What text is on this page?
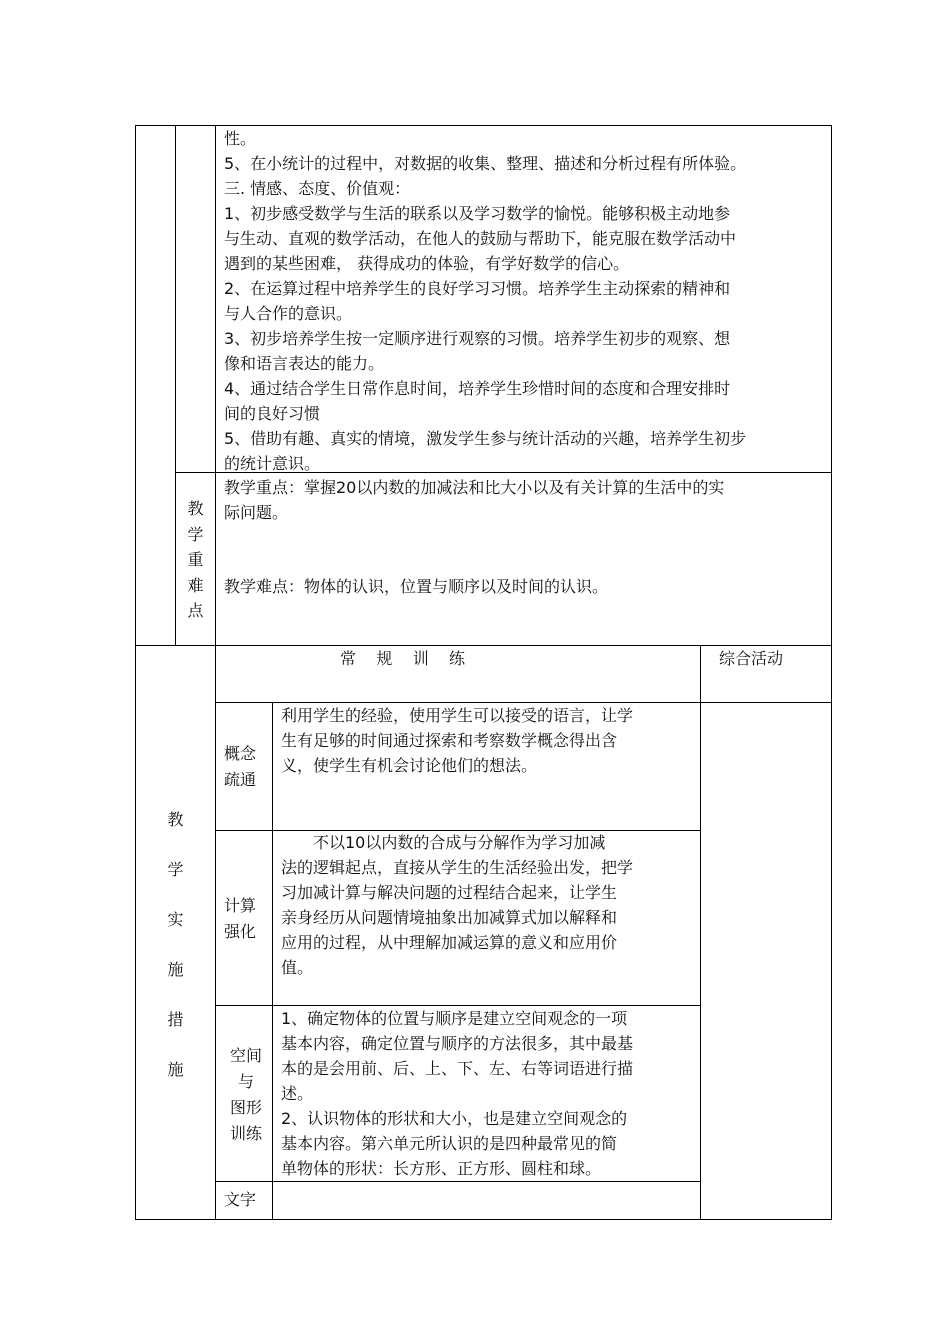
性。
5、在小统计的过程中，对数据的收集、整理、描述和分析过程有所体验。
三. 情感、态度、价值观：
1、初步感受数学与生活的联系以及学习数学的愉悦。能够积极主动地参
与生动、直观的数学活动，在他人的鼓励与帮助下，能克服在数学活动中
遇到的某些困难， 获得成功的体验，有学好数学的信心。
2、在运算过程中培养学生的良好学习习惯。培养学生主动探索的精神和
与人合作的意识。
3、初步培养学生按一定顺序进行观察的习惯。培养学生初步的观察、想
像和语言表达的能力。
4、通过结合学生日常作息时间，培养学生珍惜时间的态度和合理安排时
间的良好习惯
5、借助有趣、真实的情境，激发学生参与统计活动的兴趣，培养学生初步
的统计意识。
教
学
重
难
点
教学重点：掌握20以内数的加减法和比大小以及有关计算的生活中的实
际问题。
教学难点：物体的认识，位置与顺序以及时间的认识。
教
学
实
施
措
施
常    规    训    练	综合活动
概念
疏通
利用学生的经验，使用学生可以接受的语言，让学
生有足够的时间通过探索和考察数学概念得出含
义，使学生有机会讨论他们的想法。
计算
强化
　　不以10以内数的合成与分解作为学习加减
法的逻辑起点，直接从学生的生活经验出发，把学
习加减计算与解决问题的过程结合起来，让学生
亲身经历从问题情境抽象出加减算式加以解释和
应用的过程，从中理解加减运算的意义和应用价
值。
空间
与
图形
训练
1、确定物体的位置与顺序是建立空间观念的一项
基本内容，确定位置与顺序的方法很多，其中最基
本的是会用前、后、上、下、左、右等词语进行描
述。
2、认识物体的形状和大小，也是建立空间观念的
基本内容。第六单元所认识的是四种最常见的简
单物体的形状：长方形、正方形、圆柱和球。
文字
